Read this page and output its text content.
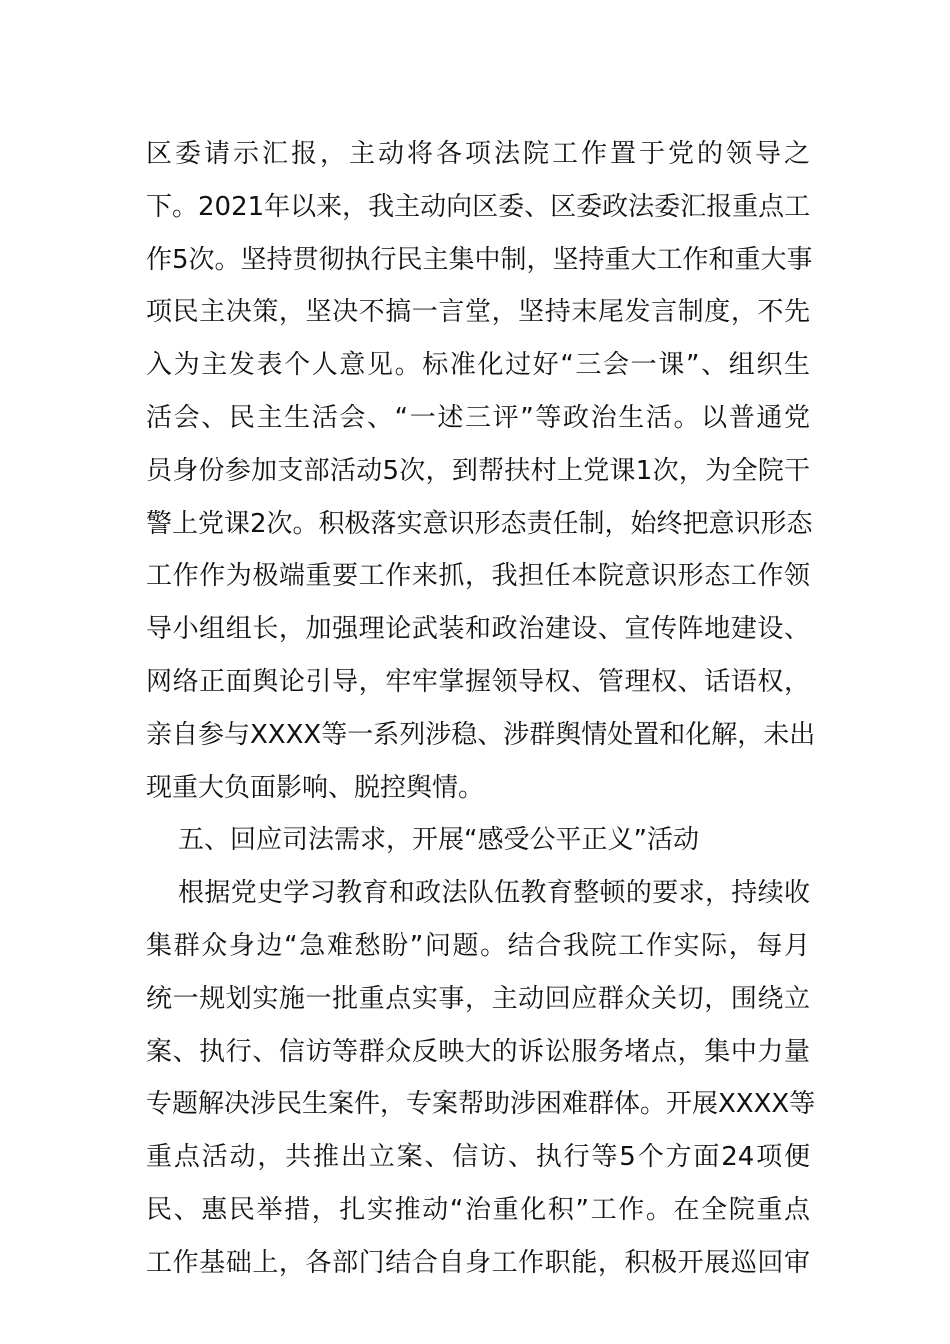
区委请示汇报，主动将各项法院工作置于党的领导之
下。2021年以来，我主动向区委、区委政法委汇报重点工
作5次。坚持贯彻执行民主集中制，坚持重大工作和重大事
项民主决策，坚决不搞一言堂，坚持末尾发言制度，不先
入为主发表个人意见。标准化过好“三会一课”、组织生
活会、民主生活会、“一述三评”等政治生活。以普通党
员身份参加支部活动5次，到帮扶村上党课1次，为全院干
警上党课2次。积极落实意识形态责任制，始终把意识形态
工作作为极端重要工作来抓，我担任本院意识形态工作领
导小组组长，加强理论武装和政治建设、宣传阵地建设、
网络正面舆论引导，牢牢掌握领导权、管理权、话语权，
亲自参与XXXX等一系列涉稳、涉群舆情处置和化解，未出
现重大负面影响、脱控舆情。
五、回应司法需求，开展“感受公平正义”活动
根据党史学习教育和政法队伍教育整顿的要求，持续收
集群众身边“急难愁盼”问题。结合我院工作实际，每月
统一规划实施一批重点实事，主动回应群众关切，围绕立
案、执行、信访等群众反映大的诉讼服务堵点，集中力量
专题解决涉民生案件，专案帮助涉困难群体。开展XXXX等
重点活动，共推出立案、信访、执行等5个方面24项便
民、惠民举措，扎实推动“治重化积”工作。在全院重点
工作基础上，各部门结合自身工作职能，积极开展巡回审
